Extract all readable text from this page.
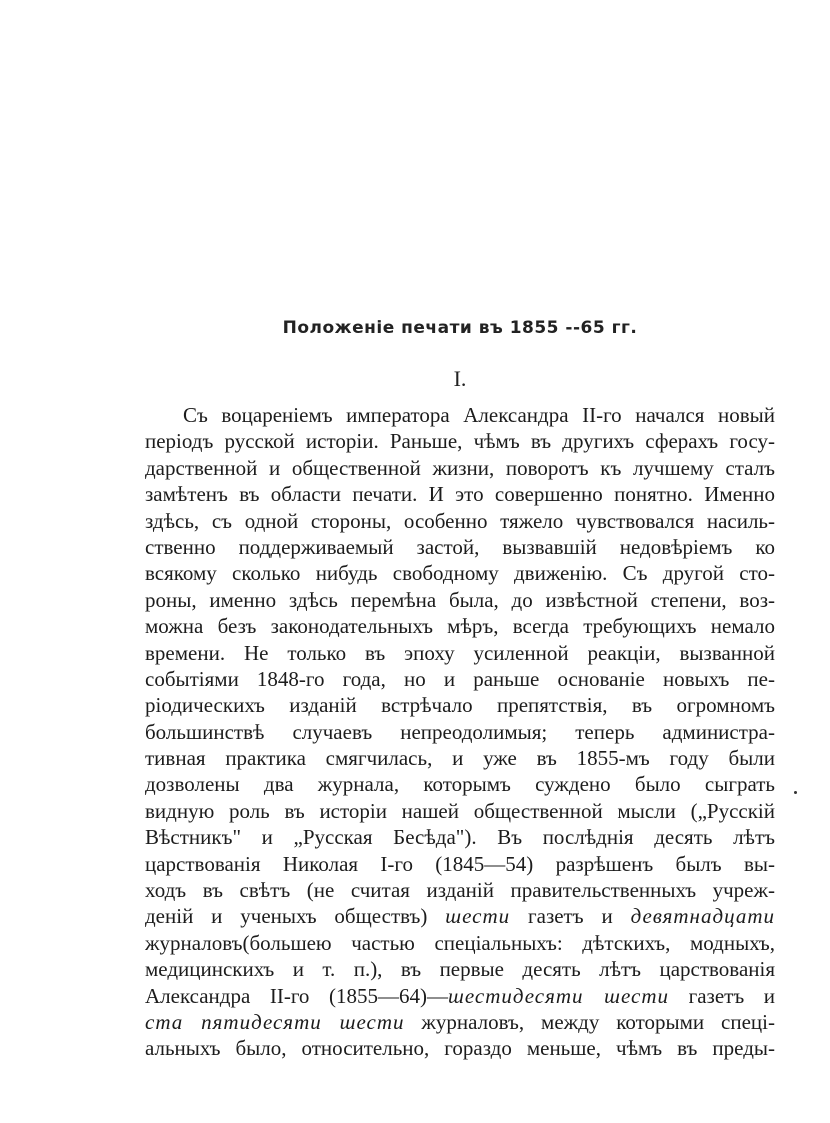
Положеніе печати въ 1855 --65 гг.
I.
Съ воцареніемъ императора Александра II-го начался новый
періодъ русской исторіи. Раньше, чѣмъ въ другихъ сферахъ госу-
дарственной и общественной жизни, поворотъ къ лучшему сталъ
замѣтенъ въ области печати. И это совершенно понятно. Именно
здѣсь, съ одной стороны, особенно тяжело чувствовался насиль-
ственно поддерживаемый застой, вызвавшій недовѣріемъ ко
всякому сколько нибудь свободному движенію. Съ другой сто-
роны, именно здѣсь перемѣна была, до извѣстной степени, воз-
можна безъ законодательныхъ мѣръ, всегда требующихъ немало
времени. Не только въ эпоху усиленной реакціи, вызванной
событіями 1848-го года, но и раньше основаніе новыхъ пе-
ріодическихъ изданій встрѣчало препятствія, въ огромномъ
большинствѣ случаевъ непреодолимыя; теперь администра-
тивная практика смягчилась, и уже въ 1855-мъ году были
дозволены два журнала, которымъ суждено было сыграть
видную роль въ исторіи нашей общественной мысли („Русскій
Вѣстникъ" и „Русская Бесѣда"). Въ послѣднія десять лѣтъ
царствованія Николая I-го (1845—54) разрѣшенъ былъ вы-
ходъ въ свѣтъ (не считая изданій правительственныхъ учреж-
деній и ученыхъ обществъ) шести газетъ и девятнадцати
журналовъ(большею частью спеціальныхъ: дѣтскихъ, модныхъ,
медицинскихъ и т. п.), въ первые десять лѣтъ царствованія
Александра II-го (1855—64)—шестидесяти шести газетъ и
ста пятидесяти шести журналовъ, между которыми спеці-
альныхъ было, относительно, гораздо меньше, чѣмъ въ преды-
